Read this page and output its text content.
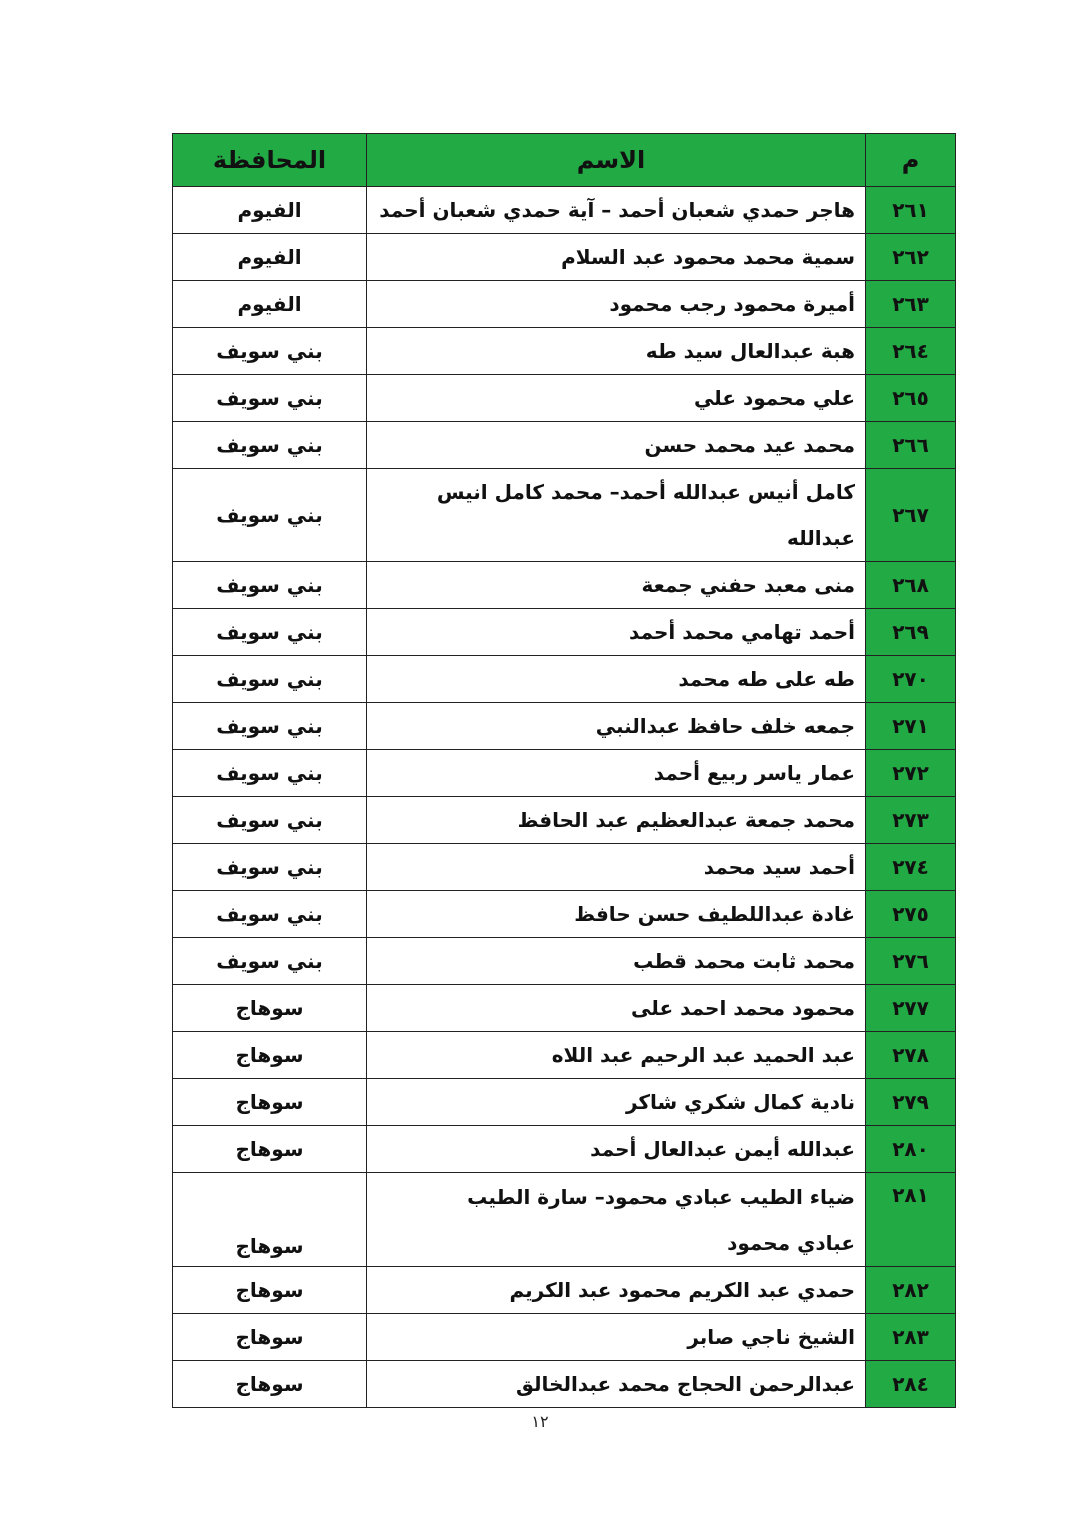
م	الاسم	المحافظة
٢٦١	هاجر حمدي شعبان أحمد – آية حمدي شعبان أحمد	الفيوم
٢٦٢	سمية محمد محمود عبد السلام	الفيوم
٢٦٣	أميرة محمود رجب محمود	الفيوم
٢٦٤	هبة عبدالعال سيد طه	بني سويف
٢٦٥	علي محمود علي	بني سويف
٢٦٦	محمد عيد محمد حسن	بني سويف
٢٦٧	كامل أنيس عبدالله أحمد– محمد كامل انيس عبدالله	بني سويف
٢٦٨	منى معبد حفني جمعة	بني سويف
٢٦٩	أحمد تهامي محمد أحمد	بني سويف
٢٧٠	طه على طه محمد	بني سويف
٢٧١	جمعه خلف حافظ عبدالنبي	بني سويف
٢٧٢	عمار ياسر ربيع أحمد	بني سويف
٢٧٣	محمد جمعة عبدالعظيم عبد الحافظ	بني سويف
٢٧٤	أحمد سيد محمد	بني سويف
٢٧٥	غادة عبداللطيف حسن حافظ	بني سويف
٢٧٦	محمد ثابت محمد قطب	بني سويف
٢٧٧	محمود محمد احمد على	سوهاج
٢٧٨	عبد الحميد عبد الرحيم عبد اللاه	سوهاج
٢٧٩	نادية كمال شكري شاكر	سوهاج
٢٨٠	عبدالله أيمن عبدالعال أحمد	سوهاج
٢٨١	ضياء الطيب عبادي محمود– سارة الطيب عبادي محمود	سوهاج
٢٨٢	حمدي عبد الكريم محمود عبد الكريم	سوهاج
٢٨٣	الشيخ ناجي صابر	سوهاج
٢٨٤	عبدالرحمن الحجاج محمد عبدالخالق	سوهاج
١٢
